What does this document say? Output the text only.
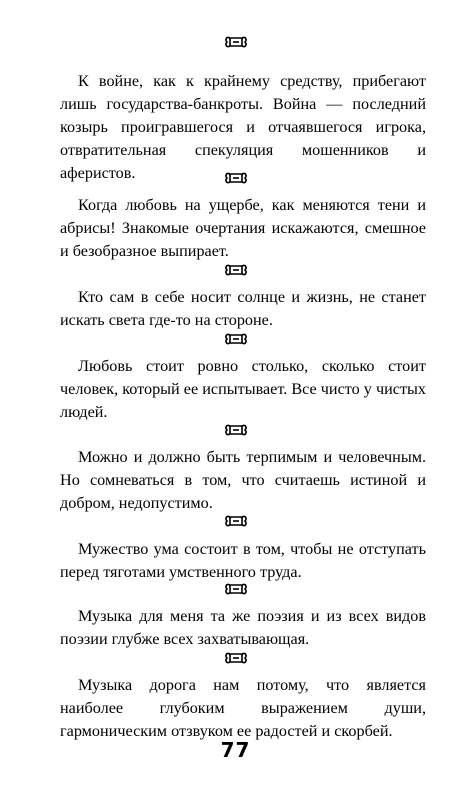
К войне, как к крайнему средству, прибегают лишь государства-банкроты. Война — последний козырь проигравшегося и отчаявшегося игрока, отвратительная спекуляция мошенников и аферистов.

Когда любовь на ущербе, как меняются тени и абрисы! Знакомые очертания искажаются, смешное и безобразное выпирает.

Кто сам в себе носит солнце и жизнь, не станет искать света где-то на стороне.

Любовь стоит ровно столько, сколько стоит человек, который ее испытывает. Все чисто у чистых людей.

Можно и должно быть терпимым и человечным. Но сомневаться в том, что считаешь истиной и добром, недопустимо.

Мужество ума состоит в том, чтобы не отступать перед тяготами умственного труда.

Музыка для меня та же поэзия и из всех видов поэзии глубже всех захватывающая.

Музыка дорога нам потому, что является наиболее глубоким выражением души, гармоническим отзвуком ее радостей и скорбей.

77
